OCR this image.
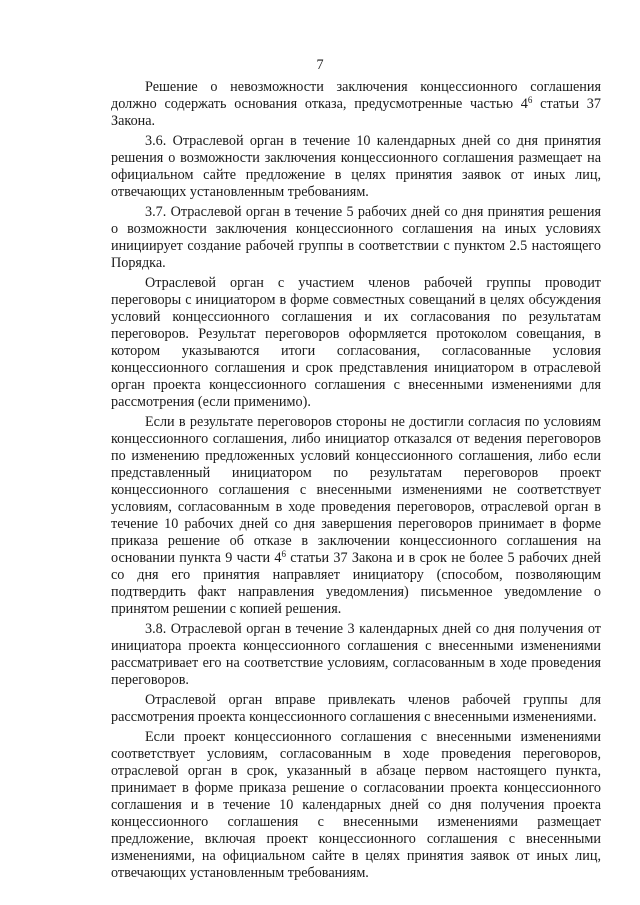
7

Решение о невозможности заключения концессионного соглашения должно содержать основания отказа, предусмотренные частью $4^6$ статьи 37 Закона.

3.6. Отраслевой орган в течение 10 календарных дней со дня принятия решения о возможности заключения концессионного соглашения размещает на официальном сайте предложение в целях принятия заявок от иных лиц, отвечающих установленным требованиям.

3.7. Отраслевой орган в течение 5 рабочих дней со дня принятия решения о возможности заключения концессионного соглашения на иных условиях инициирует создание рабочей группы в соответствии с пунктом 2.5 настоящего Порядка.

Отраслевой орган с участием членов рабочей группы проводит переговоры с инициатором в форме совместных совещаний в целях обсуждения условий концессионного соглашения и их согласования по результатам переговоров. Результат переговоров оформляется протоколом совещания, в котором указываются итоги согласования, согласованные условия концессионного соглашения и срок представления инициатором в отраслевой орган проекта концессионного соглашения с внесенными изменениями для рассмотрения (если применимо).

Если в результате переговоров стороны не достигли согласия по условиям концессионного соглашения, либо инициатор отказался от ведения переговоров по изменению предложенных условий концессионного соглашения, либо если представленный инициатором по результатам переговоров проект концессионного соглашения с внесенными изменениями не соответствует условиям, согласованным в ходе проведения переговоров, отраслевой орган в течение 10 рабочих дней со дня завершения переговоров принимает в форме приказа решение об отказе в заключении концессионного соглашения на основании пункта 9 части $4^6$ статьи 37 Закона и в срок не более 5 рабочих дней со дня его принятия направляет инициатору (способом, позволяющим подтвердить факт направления уведомления) письменное уведомление о принятом решении с копией решения.

3.8. Отраслевой орган в течение 3 календарных дней со дня получения от инициатора проекта концессионного соглашения с внесенными изменениями рассматривает его на соответствие условиям, согласованным в ходе проведения переговоров.

Отраслевой орган вправе привлекать членов рабочей группы для рассмотрения проекта концессионного соглашения с внесенными изменениями.

Если проект концессионного соглашения с внесенными изменениями соответствует условиям, согласованным в ходе проведения переговоров, отраслевой орган в срок, указанный в абзаце первом настоящего пункта, принимает в форме приказа решение о согласовании проекта концессионного соглашения и в течение 10 календарных дней со дня получения проекта концессионного соглашения с внесенными изменениями размещает предложение, включая проект концессионного соглашения с внесенными изменениями, на официальном сайте в целях принятия заявок от иных лиц, отвечающих установленным требованиям.
